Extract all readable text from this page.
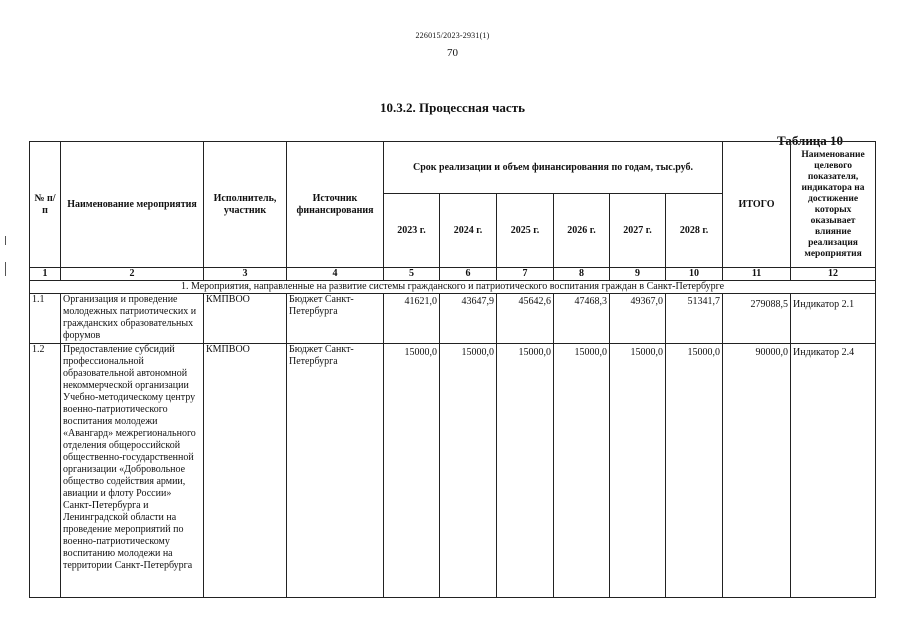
226015/2023-2931(1)
70
10.3.2. Процессная часть
Таблица 10
№ п/п	Наименование мероприятия	Исполнитель, участник	Источник финансирования	Срок реализации и объем финансирования по годам, тыс.руб.						ИТОГО	Наименование целевого показателя, индикатора на достижение которых оказывает влияние реализация мероприятия
				2023 г.	2024 г.	2025 г.	2026 г.	2027 г.	2028 г.		
1	2	3	4	5	6	7	8	9	10	11	12
1. Мероприятия, направленные на развитие системы гражданского и патриотического воспитания граждан в Санкт-Петербурге											
1.1	Организация и проведение молодежных патриотических и гражданских образовательных форумов	КМПВОО	Бюджет Санкт-Петербурга	41621,0	43647,9	45642,6	47468,3	49367,0	51341,7	279088,5	Индикатор 2.1
1.2	Предоставление субсидий профессиональной образовательной автономной некоммерческой организации Учебно-методическому центру военно-патриотического воспитания молодежи «Авангард» межрегионального отделения общероссийской общественно-государственной организации «Добровольное общество содействия армии, авиации и флоту России» Санкт-Петербурга и Ленинградской области на проведение мероприятий по военно-патриотическому воспитанию молодежи на территории Санкт-Петербурга	КМПВОО	Бюджет Санкт-Петербурга	15000,0	15000,0	15000,0	15000,0	15000,0	15000,0	90000,0	Индикатор 2.4
